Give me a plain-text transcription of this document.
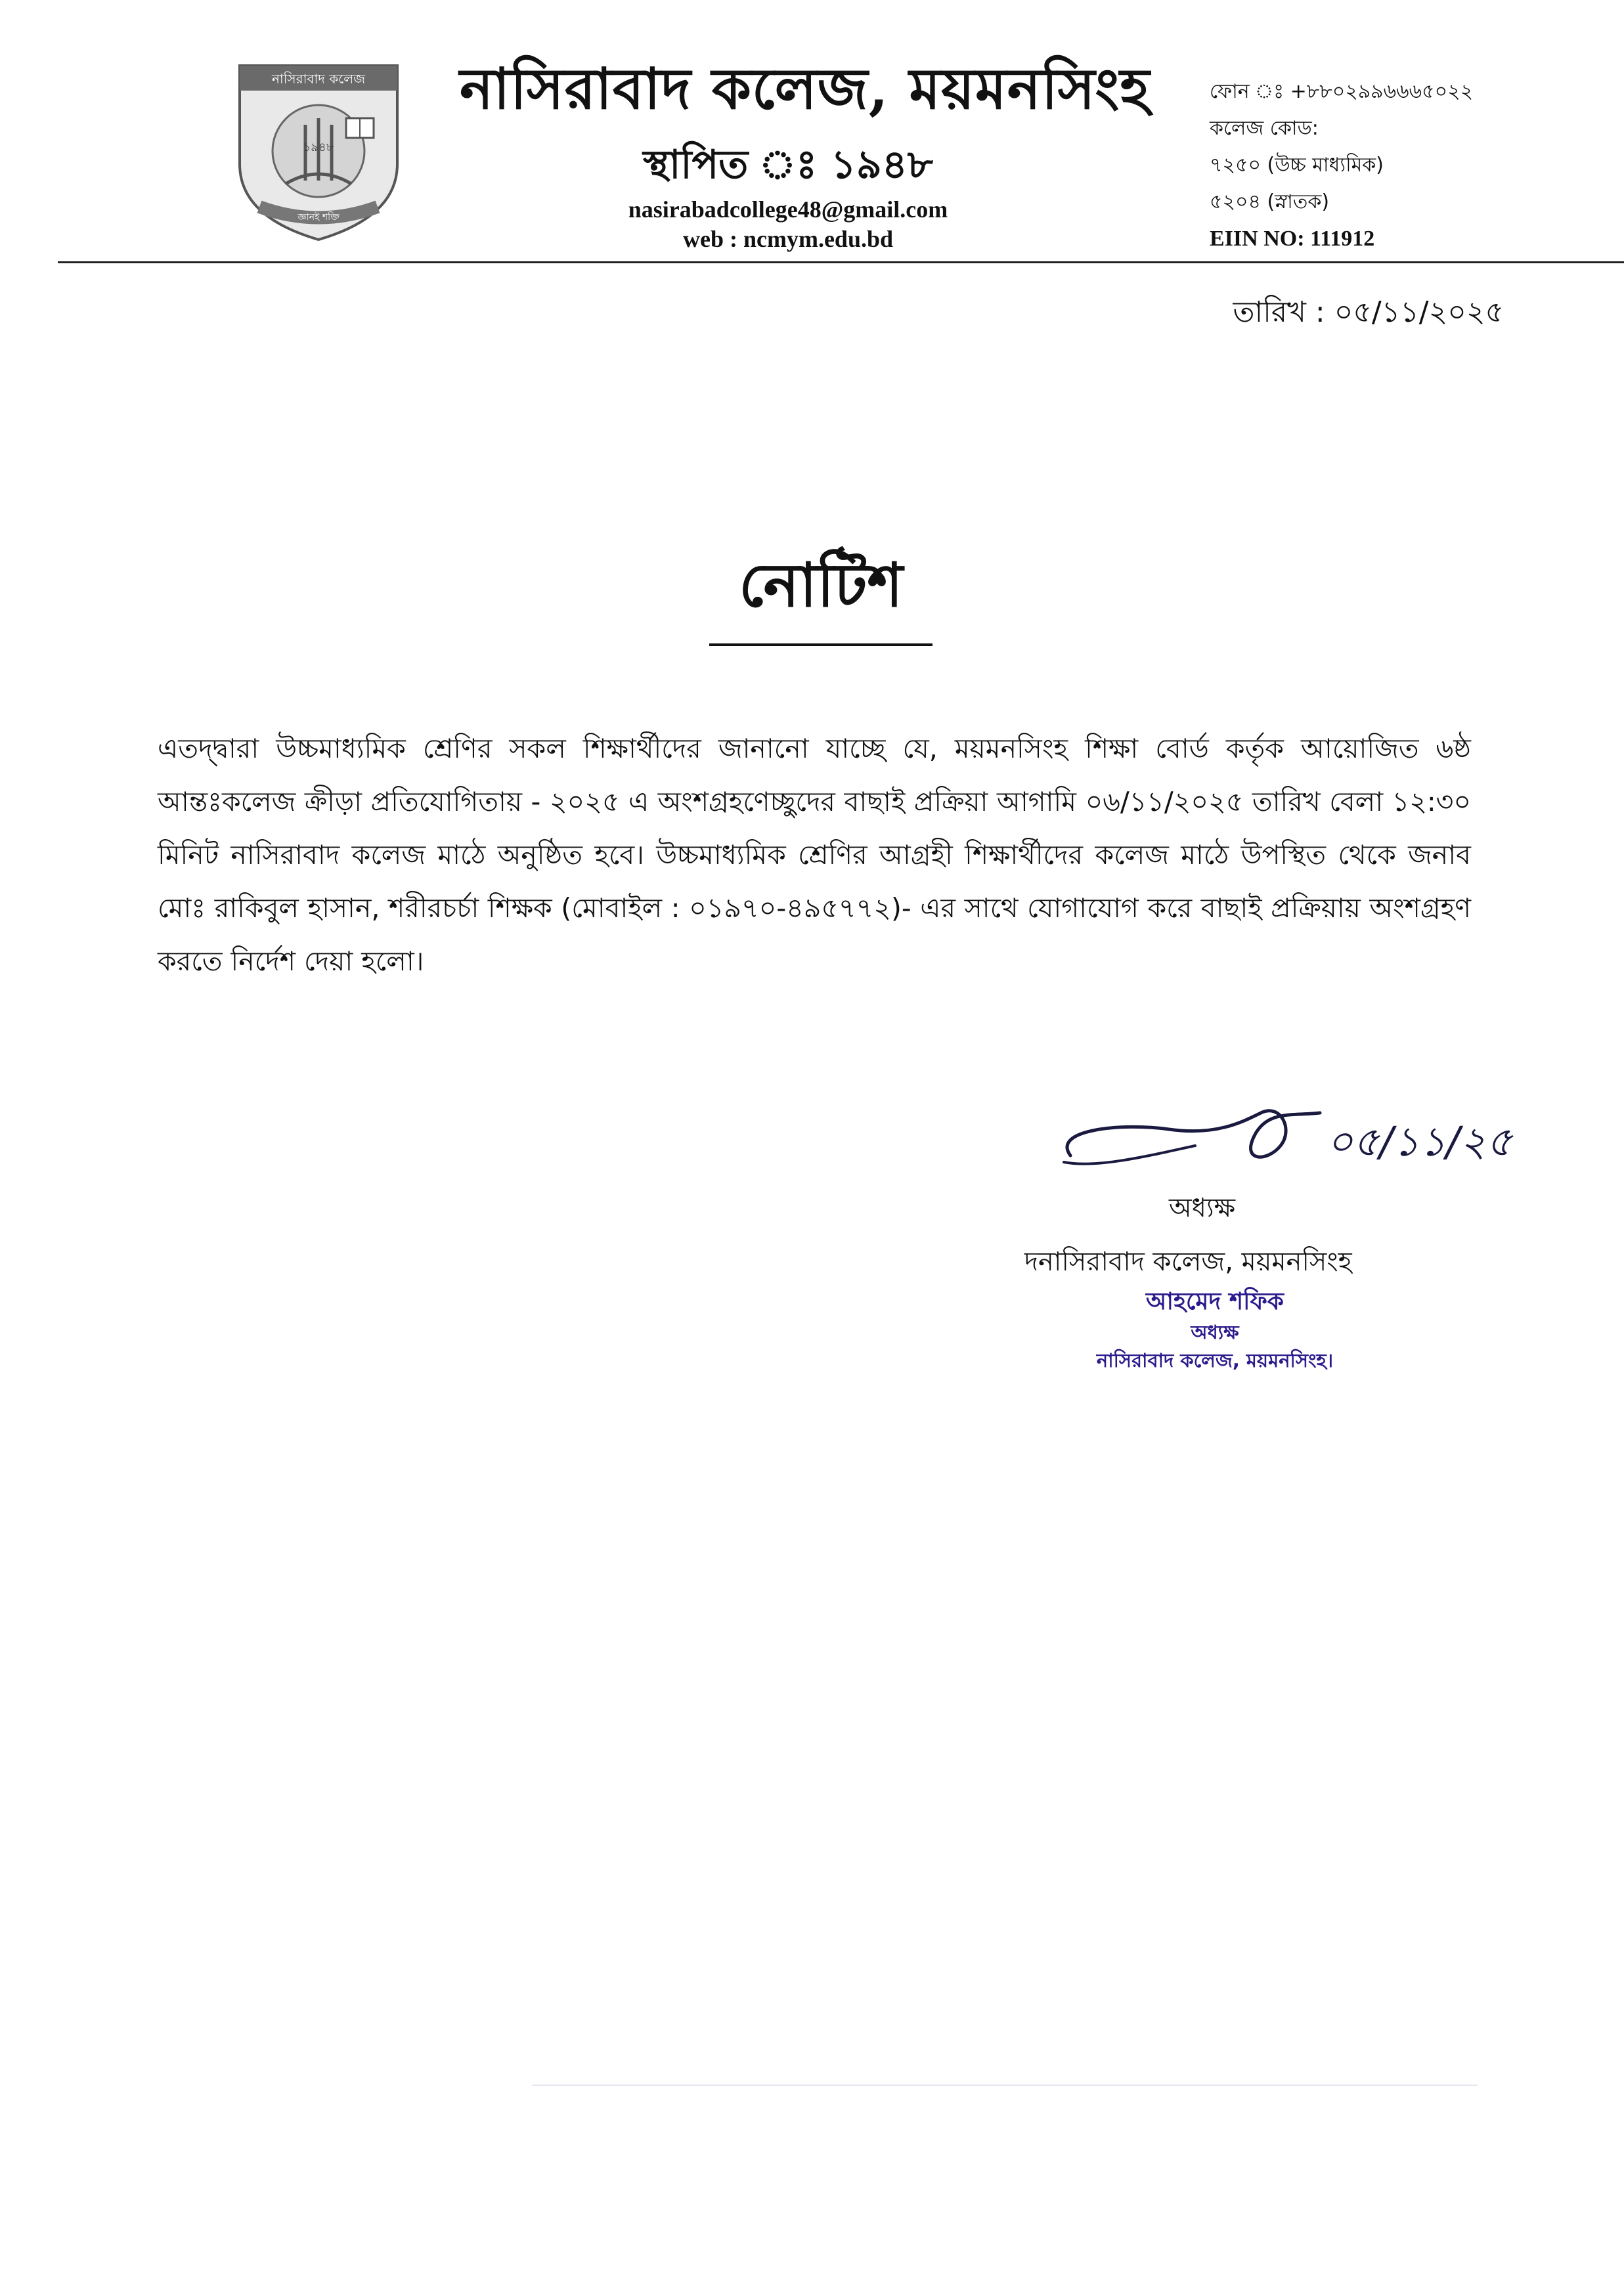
নাসিরাবাদ কলেজ
১৯৪৮
জ্ঞানই শক্তি
নাসিরাবাদ কলেজ, ময়মনসিংহ
স্থাপিত ঃ ১৯৪৮
nasirabadcollege48@gmail.com
web : ncmym.edu.bd
ফোন ঃ +৮৮০২৯৯৬৬৬৫০২২
কলেজ কোড:
৭২৫০ (উচ্চ মাধ্যমিক)
৫২০৪ (স্নাতক)
EIIN NO: 111912
তারিখ : ০৫/১১/২০২৫
নোটিশ
এতদ্দ্বারা উচ্চমাধ্যমিক শ্রেণির সকল শিক্ষার্থীদের জানানো যাচ্ছে যে, ময়মনসিংহ শিক্ষা বোর্ড কর্তৃক আয়োজিত ৬ষ্ঠ আন্তঃকলেজ ক্রীড়া প্রতিযোগিতায় - ২০২৫ এ অংশগ্রহণেচ্ছুদের বাছাই প্রক্রিয়া আগামি ০৬/১১/২০২৫ তারিখ বেলা ১২:৩০ মিনিট নাসিরাবাদ কলেজ মাঠে অনুষ্ঠিত হবে। উচ্চমাধ্যমিক শ্রেণির আগ্রহী শিক্ষার্থীদের কলেজ মাঠে উপস্থিত থেকে জনাব মোঃ রাকিবুল হাসান, শরীরচর্চা শিক্ষক (মোবাইল : ০১৯৭০-৪৯৫৭৭২)- এর সাথে যোগাযোগ করে বাছাই প্রক্রিয়ায় অংশগ্রহণ করতে নির্দেশ দেয়া হলো।
০৫/১১/২৫
অধ্যক্ষ
দনাসিরাবাদ কলেজ, ময়মনসিংহ
আহমেদ শফিক
অধ্যক্ষ
নাসিরাবাদ কলেজ, ময়মনসিংহ।
